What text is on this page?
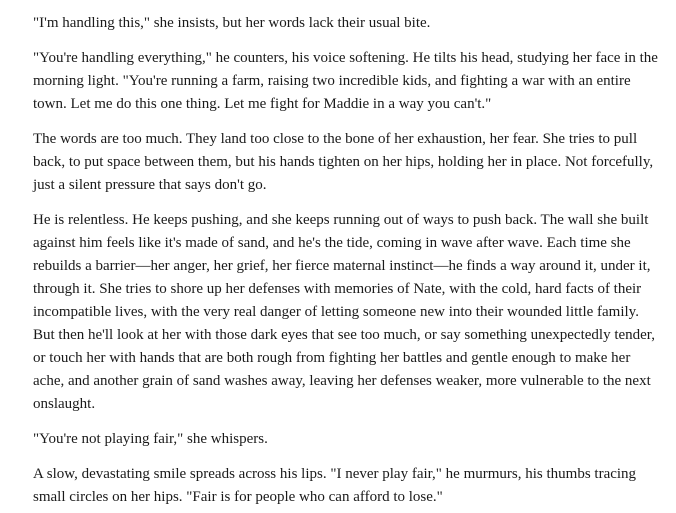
"I'm handling this," she insists, but her words lack their usual bite.

"You're handling everything," he counters, his voice softening. He tilts his head, studying her face in the morning light. "You're running a farm, raising two incredible kids, and fighting a war with an entire town. Let me do this one thing. Let me fight for Maddie in a way you can't."

The words are too much. They land too close to the bone of her exhaustion, her fear. She tries to pull back, to put space between them, but his hands tighten on her hips, holding her in place. Not forcefully, just a silent pressure that says don't go.

He is relentless. He keeps pushing, and she keeps running out of ways to push back. The wall she built against him feels like it's made of sand, and he's the tide, coming in wave after wave. Each time she rebuilds a barrier—her anger, her grief, her fierce maternal instinct—he finds a way around it, under it, through it. She tries to shore up her defenses with memories of Nate, with the cold, hard facts of their incompatible lives, with the very real danger of letting someone new into their wounded little family. But then he'll look at her with those dark eyes that see too much, or say something unexpectedly tender, or touch her with hands that are both rough from fighting her battles and gentle enough to make her ache, and another grain of sand washes away, leaving her defenses weaker, more vulnerable to the next onslaught.

"You're not playing fair," she whispers.

A slow, devastating smile spreads across his lips. "I never play fair," he murmurs, his thumbs tracing small circles on her hips. "Fair is for people who can afford to lose."
